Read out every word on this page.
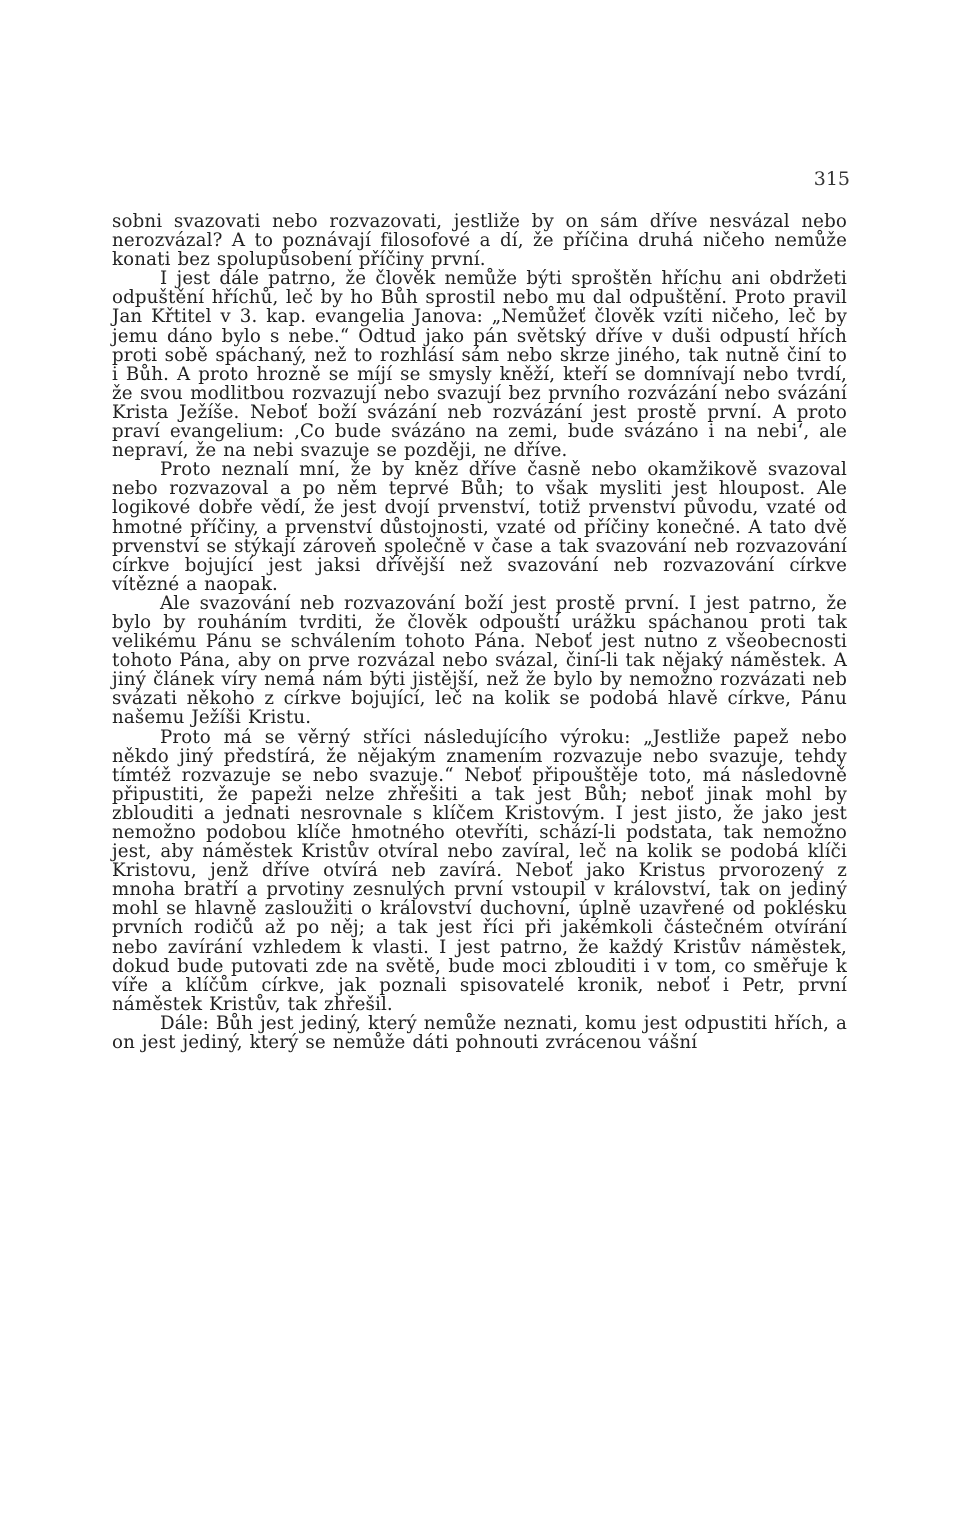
315

sobni svazovati nebo rozvazovati, jestliže by on sám dříve nesvázal nebo nerozvázal? A to poznávají filosofové a dí, že příčina druhá ničeho nemůže konati bez spolupůsobení příčiny první.

I jest dále patrno, že člověk nemůže býti sproštěn hříchu ani obdržeti odpuštění hříchů, leč by ho Bůh sprostil nebo mu dal odpuštění. Proto pravil Jan Křtitel v 3. kap. evangelia Janova: „Nemůžeť člověk vzíti ničeho, leč by jemu dáno bylo s nebe.“ Odtud jako pán světský dříve v duši odpustí hřích proti sobě spáchaný, než to rozhlásí sám nebo skrze jiného, tak nutně činí to i Bůh. A proto hrozně se míjí se smysly kněží, kteří se domnívají nebo tvrdí, že svou modlitbou rozvazují nebo svazují bez prvního rozvázání nebo svázání Krista Ježíše. Neboť boží svázání neb rozvázání jest prostě první. A proto praví evangelium: ‚Co bude svázáno na zemi, bude svázáno i na nebi‘, ale nepraví, že na nebi svazuje se později, ne dříve.

Proto neznalí mní, že by kněz dříve časně nebo okamžikově svazoval nebo rozvazoval a po něm teprvé Bůh; to však mysliti jest hloupost. Ale logikové dobře vědí, že jest dvojí prvenství, totiž prvenství původu, vzaté od hmotné příčiny, a prvenství důstojnosti, vzaté od příčiny konečné. A tato dvě prvenství se stýkají zároveň společně v čase a tak svazování neb rozvazování církve bojující jest jaksi dřívější než svazování neb rozvazování církve vítězné a naopak.

Ale svazování neb rozvazování boží jest prostě první. I jest patrno, že bylo by rouháním tvrditi, že člověk odpouští urážku spáchanou proti tak velikému Pánu se schválením tohoto Pána. Neboť jest nutno z všeobecnosti tohoto Pána, aby on prve rozvázal nebo svázal, činí-li tak nějaký náměstek. A jiný článek víry nemá nám býti jistější, než že bylo by nemožno rozvázati neb svázati někoho z církve bojující, leč na kolik se podobá hlavě církve, Pánu našemu Ježíši Kristu.

Proto má se věrný stříci následujícího výroku: „Jestliže papež nebo někdo jiný předstírá, že nějakým znamením rozvazuje nebo svazuje, tehdy tímtéž rozvazuje se nebo svazuje.“ Neboť připouštěje toto, má následovně připustiti, že papeži nelze zhřešiti a tak jest Bůh; neboť jinak mohl by zblouditi a jednati nesrovnale s klíčem Kristovým. I jest jisto, že jako jest nemožno podobou klíče hmotného otevříti, schází-li podstata, tak nemožno jest, aby náměstek Kristův otvíral nebo zavíral, leč na kolik se podobá klíči Kristovu, jenž dříve otvírá neb zavírá. Neboť jako Kristus prvorozený z mnoha bratří a prvotiny zesnulých první vstoupil v království, tak on jediný mohl se hlavně zasloužiti o království duchovní, úplně uzavřené od poklésku prvních rodičů až po něj; a tak jest říci při jakémkoli částečném otvírání nebo zavírání vzhledem k vlasti. I jest patrno, že každý Kristův náměstek, dokud bude putovati zde na světě, bude moci zblouditi i v tom, co směřuje k víře a klíčům církve, jak poznali spisovatelé kronik, neboť i Petr, první náměstek Kristův, tak zhřešil.

Dále: Bůh jest jediný, který nemůže neznati, komu jest odpustiti hřích, a on jest jediný, který se nemůže dáti pohnouti zvrácenou vášní
